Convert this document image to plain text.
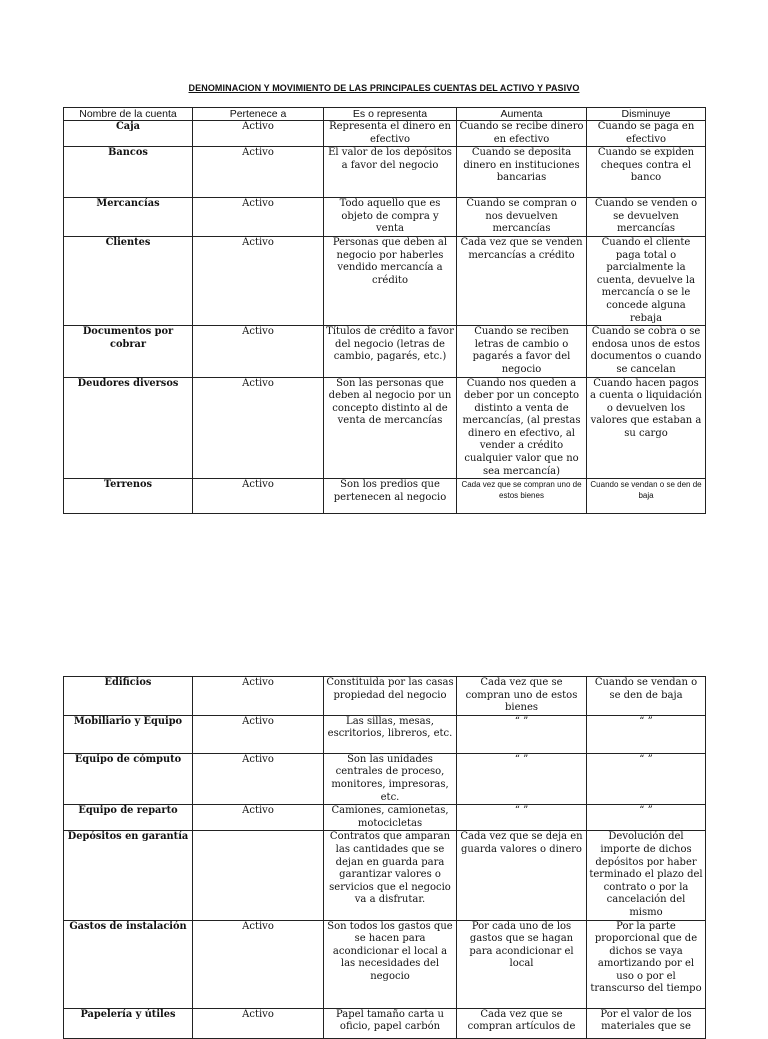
DENOMINACION Y MOVIMIENTO DE LAS PRINCIPALES CUENTAS DEL ACTIVO Y PASIVO
Nombre de la cuenta	Pertenece a	Es o representa	Aumenta	Disminuye
Caja	Activo	Representa el dinero en efectivo	Cuando se recibe dinero en efectivo	Cuando se paga en efectivo
Bancos	Activo	El valor de los depósitos a favor del negocio	Cuando se deposita dinero en instituciones bancarias	Cuando se expiden cheques contra el banco
Mercancías	Activo	Todo aquello que es objeto de compra y venta	Cuando se compran o nos devuelven mercancías	Cuando se venden o se devuelven mercancías
Clientes	Activo	Personas que deben al negocio por haberles vendido mercancía a crédito	Cada vez que se venden mercancías a crédito	Cuando el cliente paga total o parcialmente la cuenta, devuelve la mercancía o se le concede alguna rebaja
Documentos por cobrar	Activo	Títulos de crédito a favor del negocio (letras de cambio, pagarés, etc.)	Cuando se reciben letras de cambio o pagarés a favor del negocio	Cuando se cobra o se endosa unos de estos documentos o cuando se cancelan
Deudores diversos	Activo	Son las personas que deben al negocio por un concepto distinto al de venta de mercancías	Cuando nos queden a deber por un concepto distinto a venta de mercancías, (al prestas dinero en efectivo, al vender a crédito cualquier valor que no sea mercancía)	Cuando hacen pagos a cuenta o liquidación o devuelven los valores que estaban a su cargo
Terrenos	Activo	Son los predios que pertenecen al negocio	Cada vez que se compran uno de estos bienes	Cuando se vendan o se den de baja
Edificios	Activo	Constituida por las casas propiedad del negocio	Cada vez que se compran uno de estos bienes	Cuando se vendan o se den de baja
Mobiliario y Equipo	Activo	Las sillas, mesas, escritorios, libreros, etc.	“ ”	“ ”
Equipo de cómputo	Activo	Son las unidades centrales de proceso, monitores, impresoras, etc.	“ ”	“ ”
Equipo de reparto	Activo	Camiones, camionetas, motocicletas	“ ”	“ ”
Depósitos en garantía		Contratos que amparan las cantidades que se dejan en guarda para garantizar valores o servicios que el negocio va a disfrutar.	Cada vez que se deja en guarda valores o dinero	Devolución del importe de dichos depósitos por haber terminado el plazo del contrato o por la cancelación del mismo
Gastos de instalación	Activo	Son todos los gastos que se hacen para acondicionar el local a las necesidades del negocio	Por cada uno de los gastos que se hagan para acondicionar el local	Por la parte proporcional que de dichos se vaya amortizando por el uso o por el transcurso del tiempo
Papelería y útiles	Activo	Papel tamaño carta u oficio, papel carbón	Cada vez que se compran artículos de	Por el valor de los materiales que se
